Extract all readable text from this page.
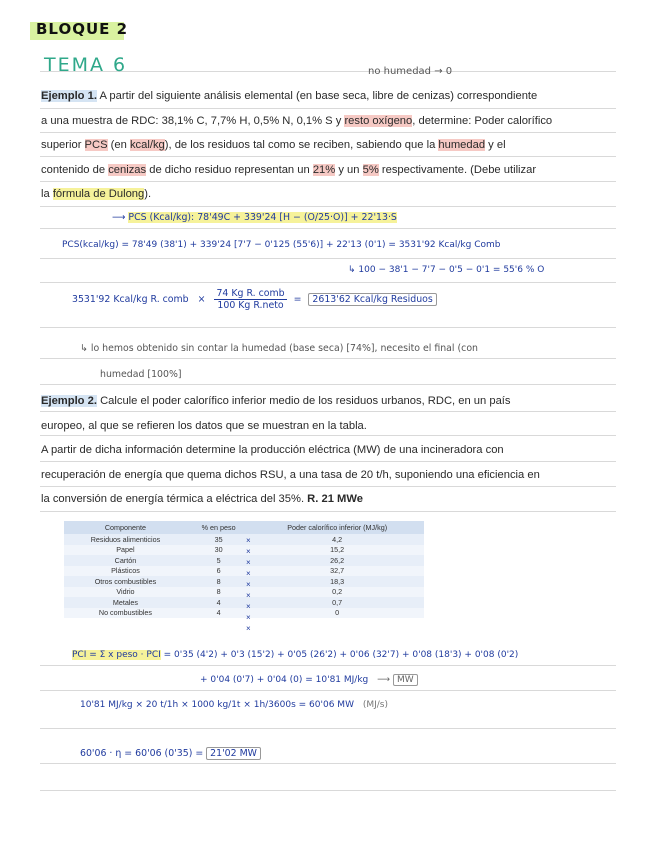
BLOQUE 2
TEMA 6	no humedad → 0
Ejemplo 1. A partir del siguiente análisis elemental (en base seca, libre de cenizas) correspondiente
a una muestra de RDC: 38,1% C, 7,7% H, 0,5% N, 0,1% S y resto oxígeno, determine: Poder calorífico
superior PCS (en kcal/kg), de los residuos tal como se reciben, sabiendo que la humedad y el
contenido de cenizas de dicho residuo representan un 21% y un 5% respectivamente. (Debe utilizar
la fórmula de Dulong).
⟶ PCS (Kcal/kg): 78'49C + 339'24 [H − (O/25·O)] + 22'13·S
PCS(kcal/kg) = 78'49 (38'1) + 339'24 [7'7 − 0'125 (55'6)] + 22'13 (0'1) = 3531'92 Kcal/kg Comb
↳ 100 − 38'1 − 7'7 − 0'5 − 0'1 = 55'6 % O
3531'92 Kcal/kg R. comb × $\frac{\text{74 Kg R. comb}}{\text{100 Kg R.neto}} = 2613'62$ Kcal/kg Residuos
↳ lo hemos obtenido sin contar la humedad (base seca) [74%], necesito el final (con
humedad [100%]
Ejemplo 2. Calcule el poder calorífico inferior medio de los residuos urbanos, RDC, en un país
europeo, al que se refieren los datos que se muestran en la tabla.
A partir de dicha información determine la producción eléctrica (MW) de una incineradora con
recuperación de energía que quema dichos RSU, a una tasa de 20 t/h, suponiendo una eficiencia en
la conversión de energía térmica a eléctrica del 35%. R. 21 MWe
Componente	% en peso	Poder calorífico inferior (MJ/kg)
Residuos alimenticios	35	4,2
Papel	30	15,2
Cartón	5	26,2
Plásticos	6	32,7
Otros combustibles	8	18,3
Vidrio	8	0,2
Metales	4	0,7
No combustibles	4	0
×
×
×
×
×
×
×
×
×
PCI = Σ x peso · PCI = 0'35 (4'2) + 0'3 (15'2) + 0'05 (26'2) + 0'06 (32'7) + 0'08 (18'3) + 0'08 (0'2)
+ 0'04 (0'7) + 0'04 (0) = 10'81 MJ/kg ⟶ MW
10'81 MJ/kg × 20 t/1h × 1000 kg/1t × 1h/3600s = 60'06 MW (MJ/s)
60'06 · η = 60'06 (0'35) = 21'02 MW
